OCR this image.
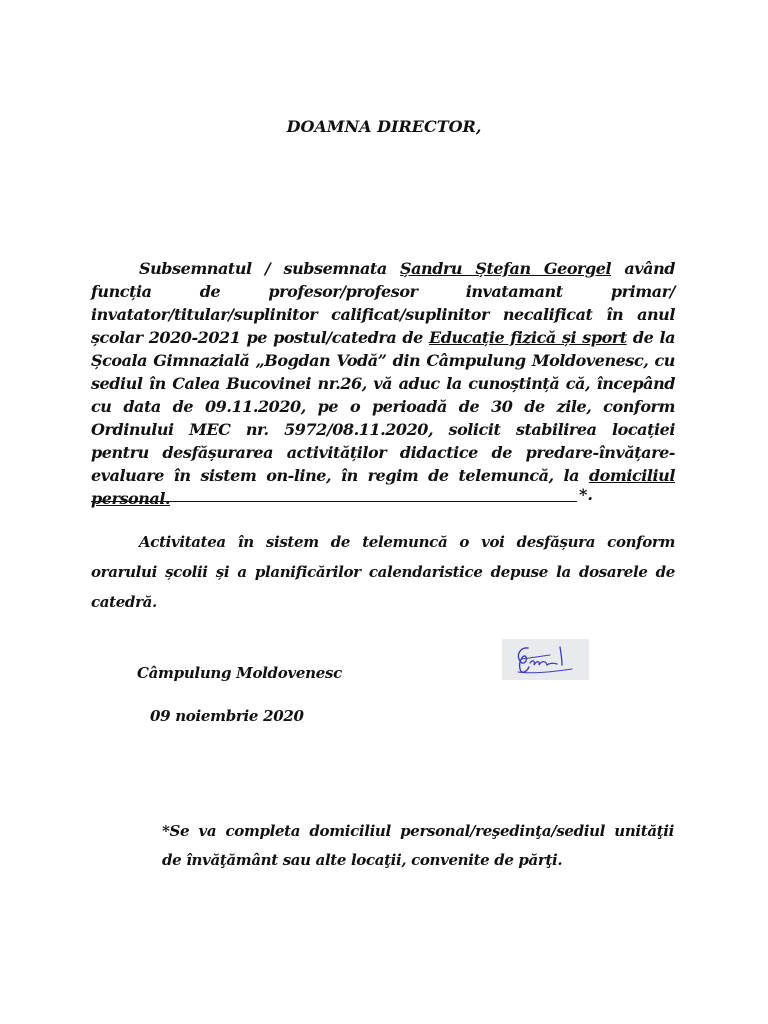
DOAMNA DIRECTOR,

Subsemnatul / subsemnata Șandru Ștefan Georgel având funcția de profesor/profesor invatamant primar/ invatator/titular/suplinitor calificat/suplinitor necalificat în anul școlar 2020-2021 pe postul/catedra de Educație fizică și sport de la Școala Gimnazială „Bogdan Vodă” din Câmpulung Moldovenesc, cu sediul în Calea Bucovinei nr.26, vă aduc la cunoștință că, începând cu data de 09.11.2020, pe o perioadă de 30 de zile, conform Ordinului MEC nr. 5972/08.11.2020, solicit stabilirea locației pentru desfășurarea activităților didactice de predare-învățare-evaluare în sistem on-line, în regim de telemuncă, la domiciliul personal.	*.

Activitatea în sistem de telemuncă o voi desfășura conform orarului școlii și a planificărilor calendaristice depuse la dosarele de catedră.

Câmpulung Moldovenesc
09 noiembrie 2020

*Se va completa domiciliul personal/reşedinţa/sediul unităţii de învăţământ sau alte locaţii, convenite de părţi.
